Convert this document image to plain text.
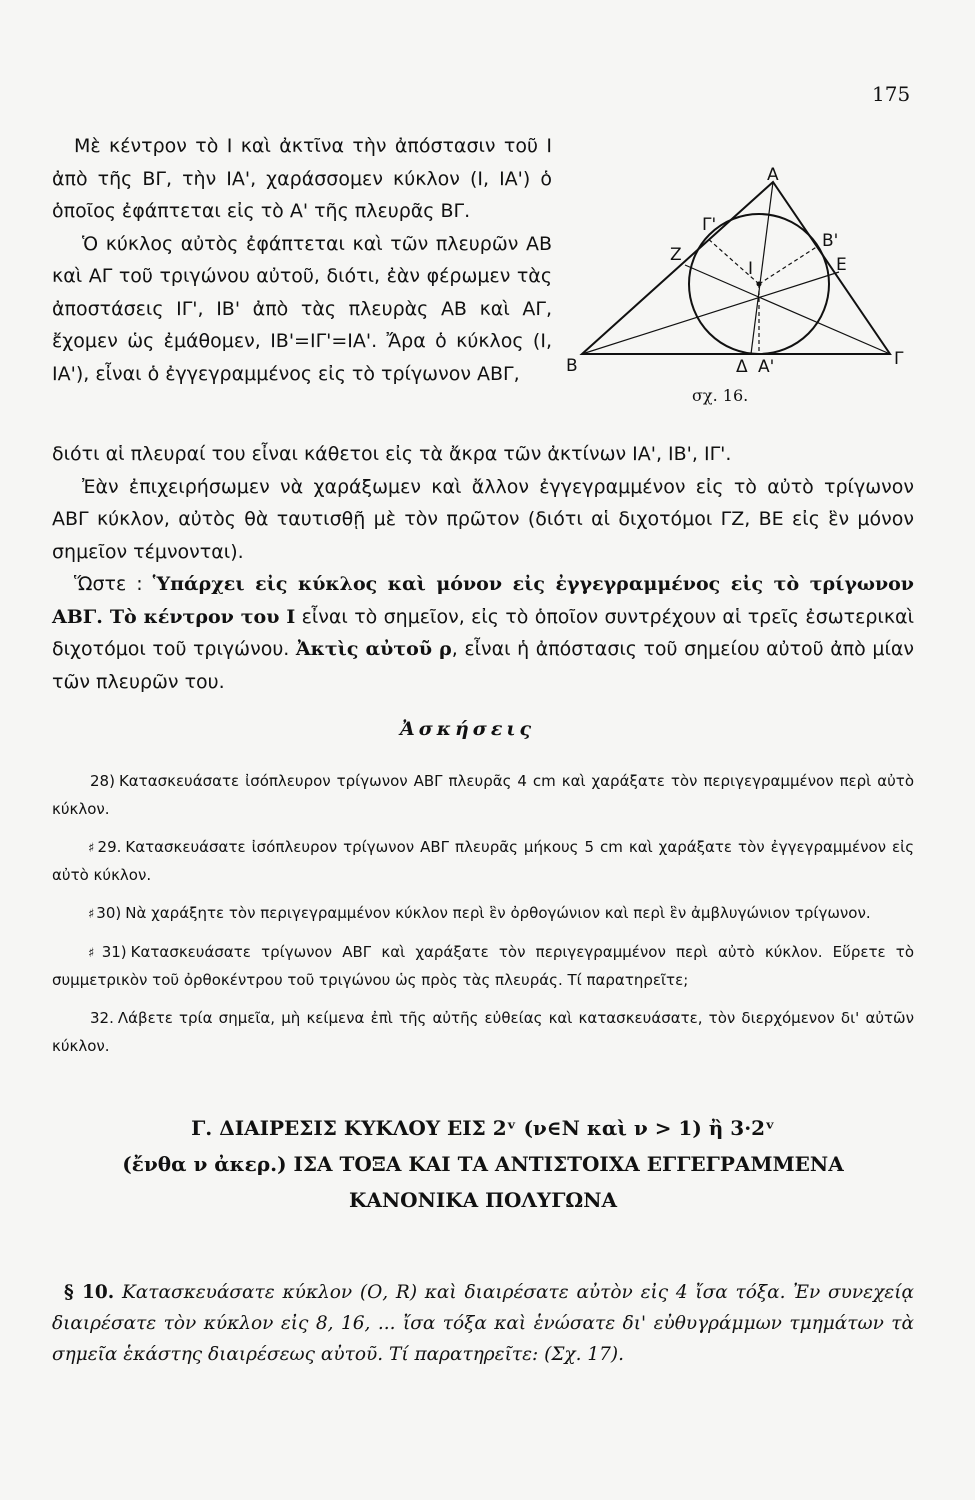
175

Μὲ κέντρον τὸ Ι καὶ ἀκτῖνα τὴν ἀπόστασιν τοῦ Ι ἀπὸ τῆς ΒΓ, τὴν ΙΑ', χαράσσομεν κύκλον (Ι, ΙΑ') ὁ ὁποῖος ἐφάπτεται εἰς τὸ Α' τῆς πλευρᾶς ΒΓ.

Ὁ κύκλος αὐτὸς ἐφάπτεται καὶ τῶν πλευρῶν ΑΒ καὶ ΑΓ τοῦ τριγώνου αὐτοῦ, διότι, ἐὰν φέρωμεν τὰς ἀποστάσεις ΙΓ', ΙΒ' ἀπὸ τὰς πλευρὰς ΑΒ καὶ ΑΓ, ἔχομεν ὡς ἐμάθομεν, ΙΒ'=ΙΓ'=ΙΑ'. Ἄρα ὁ κύκλος (Ι, ΙΑ'), εἶναι ὁ ἐγγεγραμμένος εἰς τὸ τρίγωνον ΑΒΓ,

Α
Β	Γ
Γ'
Β'
Ζ	Ε
Ι
Δ Α'
σχ. 16.

διότι αἱ πλευραί του εἶναι κάθετοι εἰς τὰ ἄκρα τῶν ἀκτίνων ΙΑ', ΙΒ', ΙΓ'.

Ἐὰν ἐπιχειρήσωμεν νὰ χαράξωμεν καὶ ἄλλον ἐγγεγραμμένον εἰς τὸ αὐτὸ τρίγωνον ΑΒΓ κύκλον, αὐτὸς θὰ ταυτισθῇ μὲ τὸν πρῶτον (διότι αἱ διχοτόμοι ΓΖ, ΒΕ εἰς ἓν μόνον σημεῖον τέμνονται).

Ὥστε : Ὑπάρχει εἰς κύκλος καὶ μόνον εἰς ἐγγεγραμμένος εἰς τὸ τρίγωνον ΑΒΓ. Τὸ κέντρον του Ι εἶναι τὸ σημεῖον, εἰς τὸ ὁποῖον συντρέχουν αἱ τρεῖς ἐσωτερικαὶ διχοτόμοι τοῦ τριγώνου. Ἀκτὶς αὐτοῦ ρ, εἶναι ἡ ἀπόστασις τοῦ σημείου αὐτοῦ ἀπὸ μίαν τῶν πλευρῶν του.

Ἀσκήσεις

28) Κατασκευάσατε ἰσόπλευρον τρίγωνον ΑΒΓ πλευρᾶς 4 cm καὶ χαράξατε τὸν περιγεγραμμένον περὶ αὐτὸ κύκλον.

♯ 29. Κατασκευάσατε ἰσόπλευρον τρίγωνον ΑΒΓ πλευρᾶς μήκους 5 cm καὶ χαράξατε τὸν ἐγγεγραμμένον εἰς αὐτὸ κύκλον.

♯ 30) Νὰ χαράξητε τὸν περιγεγραμμένον κύκλον περὶ ἓν ὀρθογώνιον καὶ περὶ ἓν ἀμβλυγώνιον τρίγωνον.

♯ 31) Κατασκευάσατε τρίγωνον ΑΒΓ καὶ χαράξατε τὸν περιγεγραμμένον περὶ αὐτὸ κύκλον. Εὕρετε τὸ συμμετρικὸν τοῦ ὀρθοκέντρου τοῦ τριγώνου ὡς πρὸς τὰς πλευράς. Τί παρατηρεῖτε;

32. Λάβετε τρία σημεῖα, μὴ κείμενα ἐπὶ τῆς αὐτῆς εὐθείας καὶ κατασκευάσατε, τὸν διερχόμενον δι' αὐτῶν κύκλον.

Γ. ΔΙΑΙΡΕΣΙΣ ΚΥΚΛΟΥ ΕΙΣ 2ᵛ (ν∈Ν καὶ ν > 1) ἢ 3·2ᵛ
(ἔνθα ν ἀκερ.) ΙΣΑ ΤΟΞΑ ΚΑΙ ΤΑ ΑΝΤΙΣΤΟΙΧΑ ΕΓΓΕΓΡΑΜΜΕΝΑ
ΚΑΝΟΝΙΚΑ ΠΟΛΥΓΩΝΑ

§ 10. Κατασκευάσατε κύκλον (Ο, R) καὶ διαιρέσατε αὐτὸν εἰς 4 ἴσα τόξα. Ἐν συνεχείᾳ διαιρέσατε τὸν κύκλον εἰς 8, 16, ... ἴσα τόξα καὶ ἑνώσατε δι' εὐθυγράμμων τμημάτων τὰ σημεῖα ἑκάστης διαιρέσεως αὐτοῦ. Τί παρατηρεῖτε: (Σχ. 17).
